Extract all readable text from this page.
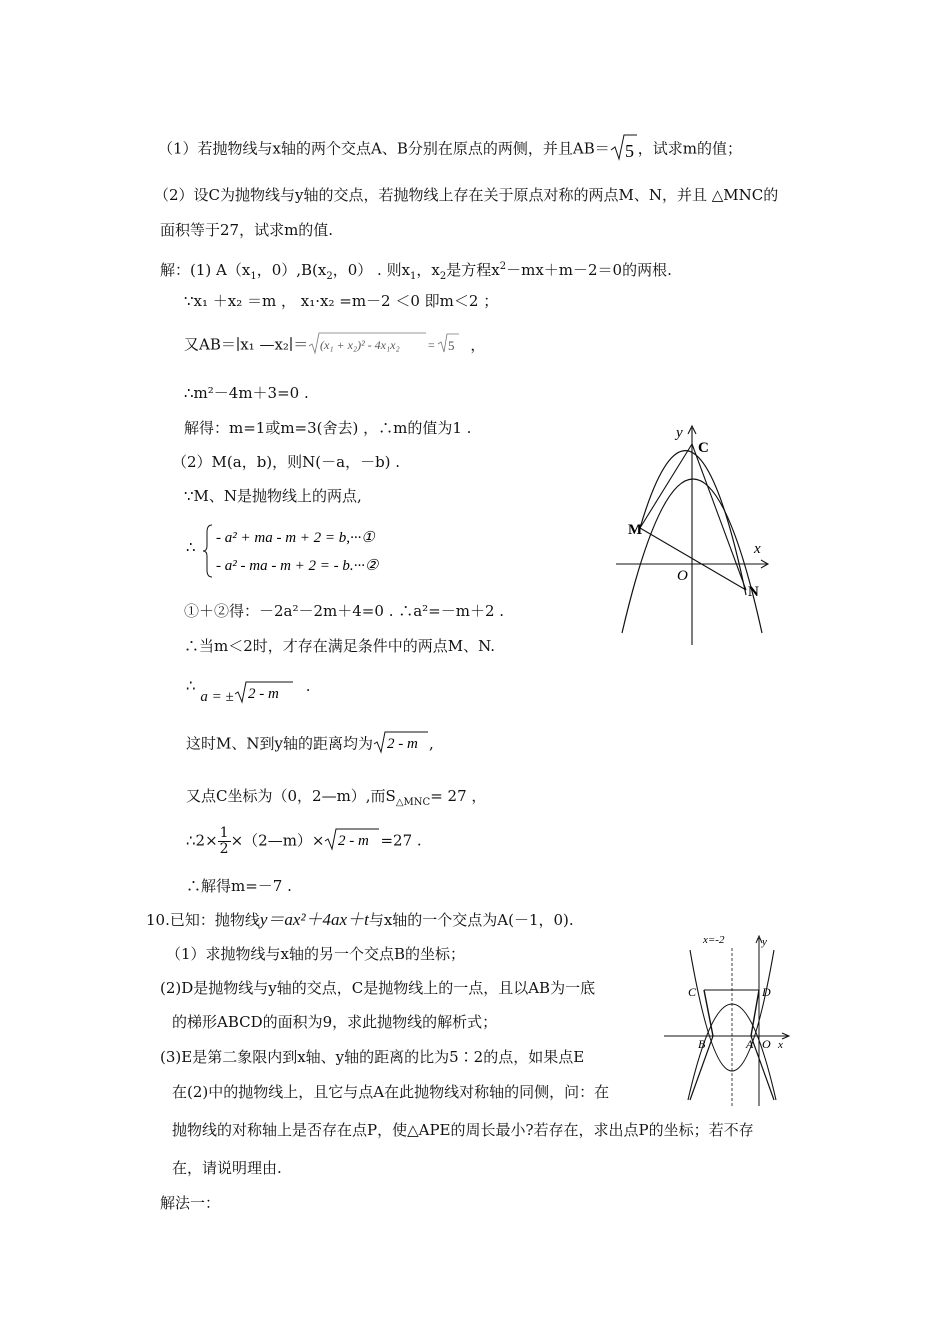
（1）若抛物线与x轴的两个交点A、B分别在原点的两侧，并且AB＝ 5 ，试求m的值；
（2）设C为抛物线与y轴的交点，若抛物线上存在关于原点对称的两点M、N，并且 △MNC的
面积等于27，试求m的值.
解：(1) $A(x_1$，$0),B(x_2$，0） . 则$x_1$，$x_2$是方程$x^2-mx+m-2=0$的两根.
∵x₁ ＋x₂ ＝m ， x₁·x₂ =m－2 ＜0 即m＜2 ；
又AB＝∣x₁ —x₂∣＝ (x₁ + x₂)² - 4x₁x₂ = 5 ，
∴m²－4m＋3=0 .
解得：m=1或m=3(舍去) ，∴m的值为1 .
（2）M(a，b)，则N(－a，－b) .
∵M、N是抛物线上的两点,
∴ - a² + ma - m + 2 = b,···①
- a² - ma - m + 2 = - b.···②
①＋②得：－2a²－2m＋4=0 . ∴a²=－m＋2 .
∴当m＜2时，才存在满足条件中的两点M、N.
∴ a = ± 2 - m .
这时M、N到y轴的距离均为 2 - m ,
又点C坐标为（0，2—m）,而$S_{\triangle MNC}= 27$ ，
∴2× $\frac{1}{2}$ ×（2—m）× 2 - m =27 .
∴解得m=－7 .
y
C
M
x
O
N
10.已知：抛物线y＝ax²＋4ax＋t与x轴的一个交点为A(－1，0).
（1）求抛物线与x轴的另一个交点B的坐标；
(2)D是抛物线与y轴的交点，C是抛物线上的一点，且以AB为一底
的梯形ABCD的面积为9，求此抛物线的解析式；
(3)E是第二象限内到x轴、y轴的距离的比为5∶2的点，如果点E
在(2)中的抛物线上，且它与点A在此抛物线对称轴的同侧，问：在
抛物线的对称轴上是否存在点P，使△APE的周长最小?若存在，求出点P的坐标；若不存
在，请说明理由.
解法一：
x=-2	y
C	D
B	A O x
